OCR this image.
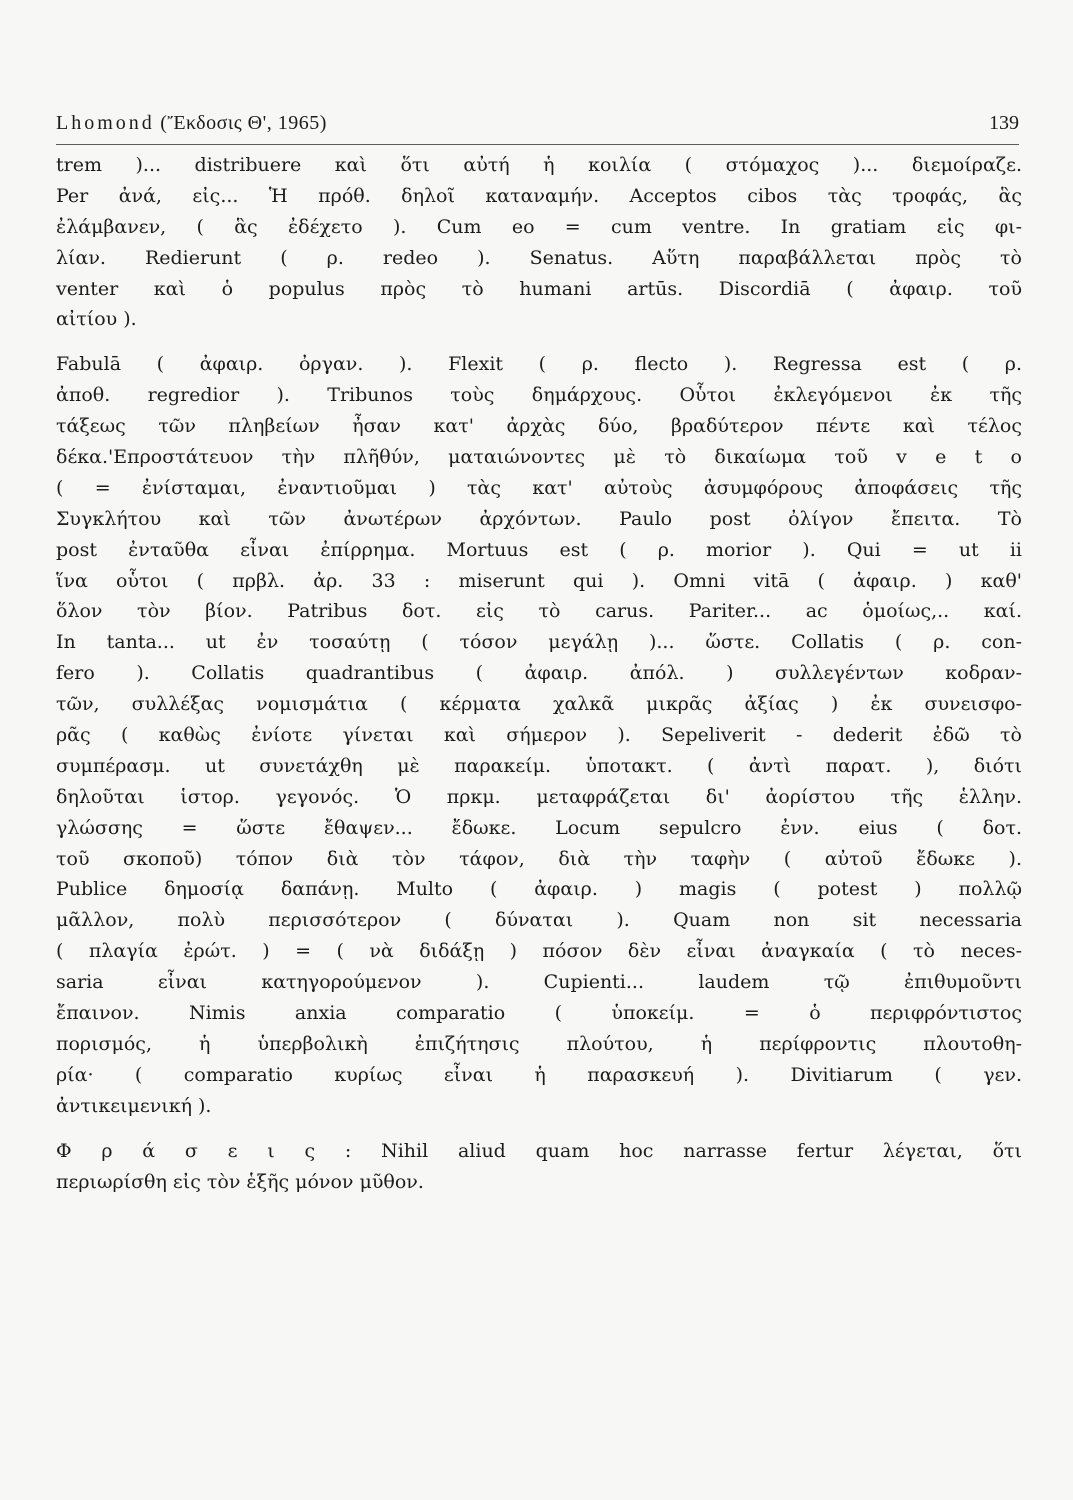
Lhomond (Ἔκδοσις Θ', 1965)	139
trem )... distribuere καὶ ὅτι αὐτή ἡ κοιλία ( στόμαχος )... διεμοίραζε.
Per ἀνά, εἰς... Ἡ πρόθ. δηλοῖ καταναμήν. Acceptos cibos τὰς τροφάς, ἃς
ἐλάμβανεν, ( ἃς ἐδέχετο ). Cum eo = cum ventre. In gratiam εἰς φι-
λίαν. Redierunt ( ρ. redeo ). Senatus. Αὕτη παραβάλλεται πρὸς τὸ
venter καὶ ὁ populus πρὸς τὸ humani artūs. Discordiā ( ἀφαιρ. τοῦ
αἰτίου ).
Fabulā ( ἀφαιρ. ὀργαν. ). Flexit ( ρ. flecto ). Regressa est ( ρ.
ἀποθ. regredior ). Tribunos τοὺς δημάρχους. Οὗτοι ἐκλεγόμενοι ἐκ τῆς
τάξεως τῶν πληβείων ἦσαν κατ' ἀρχὰς δύο, βραδύτερον πέντε καὶ τέλος
δέκα.'Επροστάτευον τὴν πλῆθύν, ματαιώνοντες μὲ τὸ δικαίωμα τοῦ v e t o
( = ἐνίσταμαι, ἐναντιοῦμαι ) τὰς κατ' αὐτοὺς ἀσυμφόρους ἀποφάσεις τῆς
Συγκλήτου καὶ τῶν ἀνωτέρων ἀρχόντων. Paulo post ὀλίγον ἔπειτα. Τὸ
post ἐνταῦθα εἶναι ἐπίρρημα. Mortuus est ( ρ. morior ). Qui = ut ii
ἵνα οὗτοι ( πρβλ. ἀρ. 33 : miserunt qui ). Omni vitā ( ἀφαιρ. ) καθ'
ὅλον τὸν βίον. Patribus δοτ. εἰς τὸ carus. Pariter... ac ὁμοίως,.. καί.
In tanta... ut ἐν τοσαύτῃ ( τόσον μεγάλῃ )... ὥστε. Collatis ( ρ. con-
fero ). Collatis quadrantibus ( ἀφαιρ. ἀπόλ. ) συλλεγέντων κοδραν-
τῶν, συλλέξας νομισμάτια ( κέρματα χαλκᾶ μικρᾶς ἀξίας ) ἐκ συνεισφο-
ρᾶς ( καθὼς ἐνίοτε γίνεται καὶ σήμερον ). Sepeliverit - dederit ἐδῶ τὸ
συμπέρασμ. ut συνετάχθη μὲ παρακείμ. ὑποτακτ. ( ἀντὶ παρατ. ), διότι
δηλοῦται ἱστορ. γεγονός. Ὁ πρκμ. μεταφράζεται δι' ἀορίστου τῆς ἑλλην.
γλώσσης = ὥστε ἔθαψεν... ἔδωκε. Locum sepulcro ἐνν. eius ( δοτ.
τοῦ σκοποῦ) τόπον διὰ τὸν τάφον, διὰ τὴν ταφὴν ( αὐτοῦ ἔδωκε ).
Publice δημοσίᾳ δαπάνῃ. Multo ( ἀφαιρ. ) magis ( potest ) πολλῷ
μᾶλλον, πολὺ περισσότερον ( δύναται ). Quam non sit necessaria
( πλαγία ἐρώτ. ) = ( νὰ διδάξῃ ) πόσον δὲν εἶναι ἀναγκαία ( τὸ neces-
saria εἶναι κατηγορούμενον ). Cupienti... laudem τῷ ἐπιθυμοῦντι
ἔπαινον. Nimis anxia comparatio ( ὑποκείμ. = ὁ περιφρόντιστος
πορισμός, ἡ ὑπερβολικὴ ἐπιζήτησις πλούτου, ἡ περίφροντις πλουτοθη-
ρία· ( comparatio κυρίως εἶναι ἡ παρασκευή ). Divitiarum ( γεν.
ἀντικειμενική ).
Φ ρ ά σ ε ι ς : Nihil aliud quam hoc narrasse fertur λέγεται, ὅτι
περιωρίσθη εἰς τὸν ἑξῆς μόνον μῦθον.
